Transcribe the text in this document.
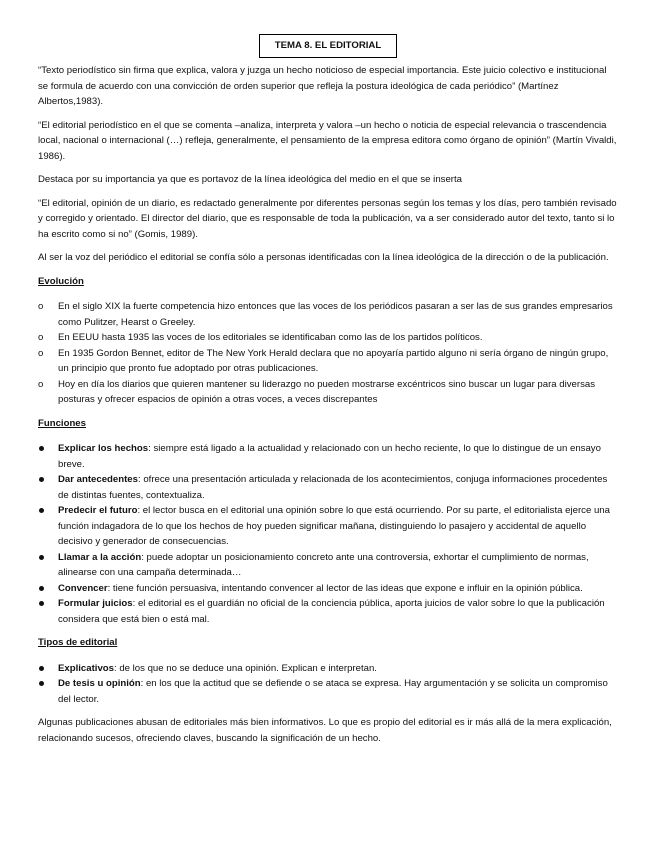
TEMA 8. EL EDITORIAL

“Texto periodístico sin firma que explica, valora y juzga un hecho noticioso de especial importancia. Este juicio colectivo e institucional se formula de acuerdo con una convicción de orden superior que refleja la postura ideológica de cada periódico” (Martínez Albertos,1983).

“El editorial periodístico en el que se comenta –analiza, interpreta y valora –un hecho o noticia de especial relevancia o trascendencia local, nacional o internacional (…) refleja, generalmente, el pensamiento de la empresa editora como órgano de opinión” (Martín Vivaldi, 1986).

Destaca por su importancia ya que es portavoz de la línea ideológica del medio en el que se inserta

“El editorial, opinión de un diario, es redactado generalmente por diferentes personas según los temas y los días, pero también revisado y corregido y orientado. El director del diario, que es responsable de toda la publicación, va a ser considerado autor del texto, tanto si lo ha escrito como si no” (Gomis, 1989).

Al ser la voz del periódico el editorial se confía sólo a personas identificadas con la línea ideológica de la dirección o de la publicación.

Evolución
o En el siglo XIX la fuerte competencia hizo entonces que las voces de los periódicos pasaran a ser las de sus grandes empresarios como Pulitzer, Hearst o Greeley.
o En EEUU hasta 1935 las voces de los editoriales se identificaban como las de los partidos políticos.
o En 1935 Gordon Bennet, editor de The New York Herald declara que no apoyaría partido alguno ni sería órgano de ningún grupo, un principio que pronto fue adoptado por otras publicaciones.
o Hoy en día los diarios que quieren mantener su liderazgo no pueden mostrarse excéntricos sino buscar un lugar para diversas posturas y ofrecer espacios de opinión a otras voces, a veces discrepantes
Funciones
Explicar los hechos: siempre está ligado a la actualidad y relacionado con un hecho reciente, lo que lo distingue de un ensayo breve.
Dar antecedentes: ofrece una presentación articulada y relacionada de los acontecimientos, conjuga informaciones procedentes de distintas fuentes, contextualiza.
Predecir el futuro: el lector busca en el editorial una opinión sobre lo que está ocurriendo. Por su parte, el editorialista ejerce una función indagadora de lo que los hechos de hoy pueden significar mañana, distinguiendo lo pasajero y accidental de aquello decisivo y generador de consecuencias.
Llamar a la acción: puede adoptar un posicionamiento concreto ante una controversia, exhortar el cumplimiento de normas, alinearse con una campaña determinada…
Convencer: tiene función persuasiva, intentando convencer al lector de las ideas que expone e influir en la opinión pública.
Formular juicios: el editorial es el guardián no oficial de la conciencia pública, aporta juicios de valor sobre lo que la publicación considera que está bien o está mal.
Tipos de editorial
Explicativos: de los que no se deduce una opinión. Explican e interpretan.
De tesis u opinión: en los que la actitud que se defiende o se ataca se expresa. Hay argumentación y se solicita un compromiso del lector.

Algunas publicaciones abusan de editoriales más bien informativos. Lo que es propio del editorial es ir más allá de la mera explicación, relacionando sucesos, ofreciendo claves, buscando la significación de un hecho.
